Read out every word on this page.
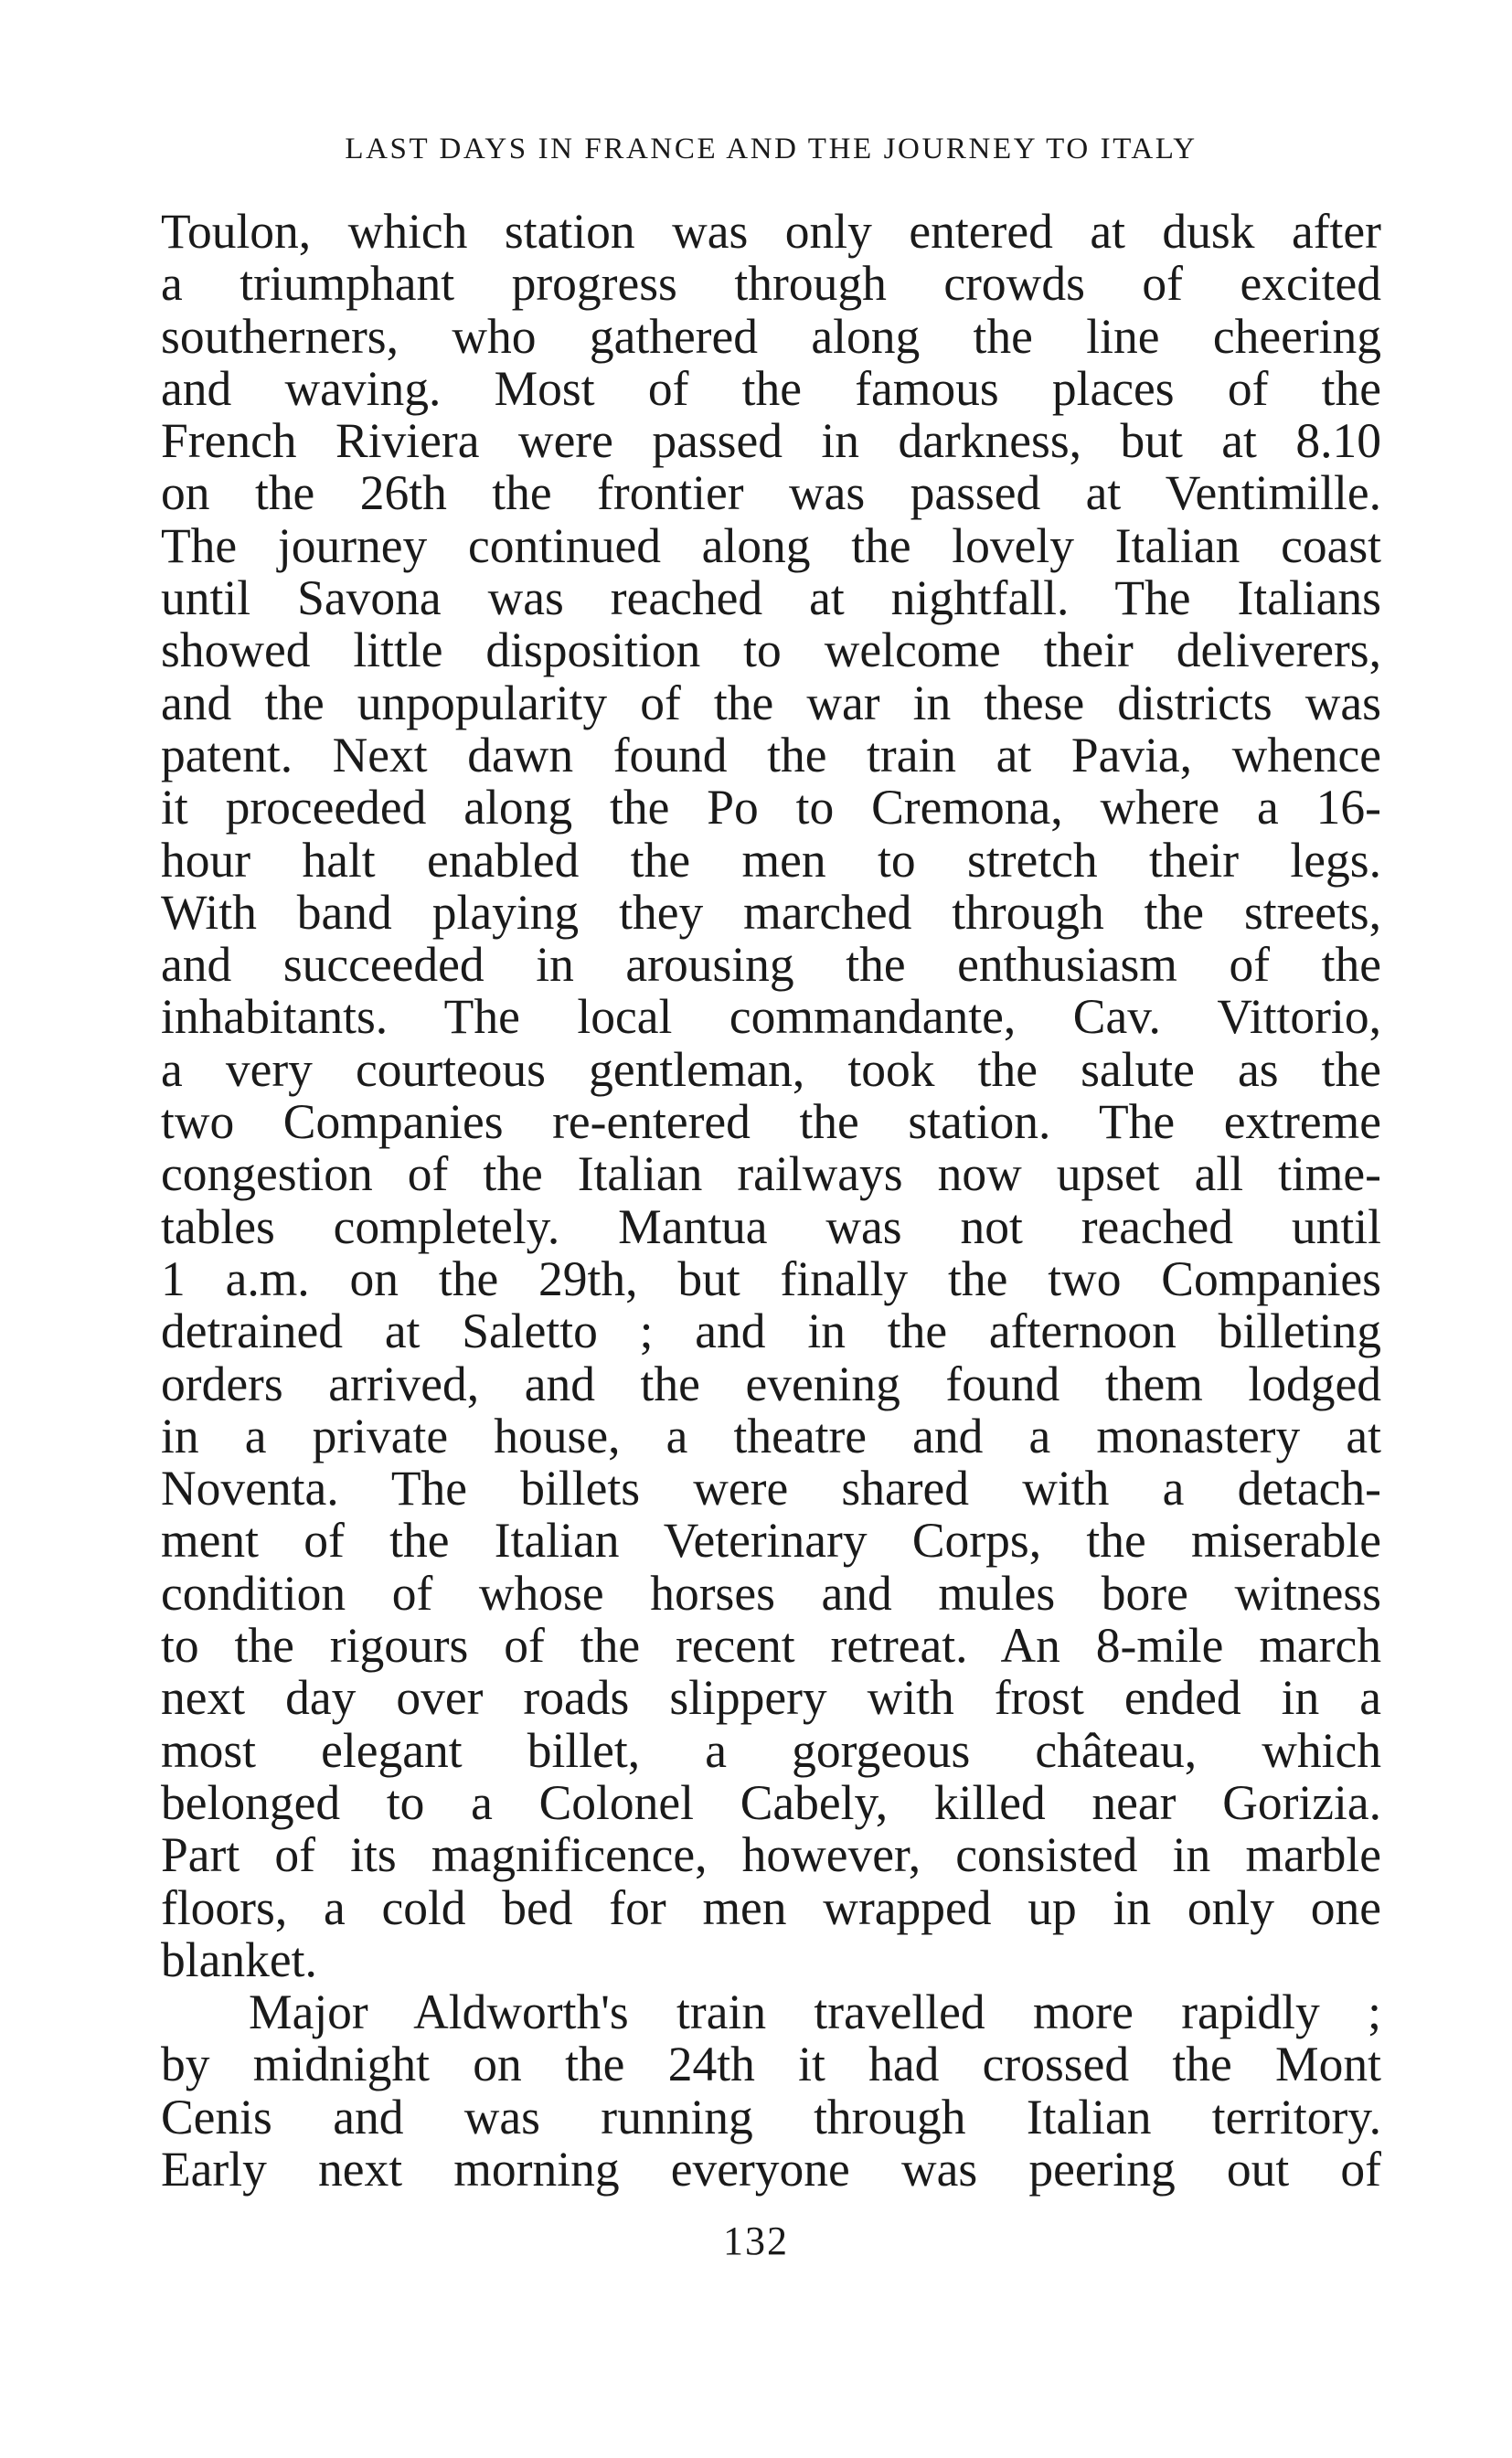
LAST DAYS IN FRANCE AND THE JOURNEY TO ITALY
Toulon, which station was only entered at dusk after
a triumphant progress through crowds of excited
southerners, who gathered along the line cheering
and waving. Most of the famous places of the
French Riviera were passed in darkness, but at 8.10
on the 26th the frontier was passed at Ventimille.
The journey continued along the lovely Italian coast
until Savona was reached at nightfall. The Italians
showed little disposition to welcome their deliverers,
and the unpopularity of the war in these districts was
patent. Next dawn found the train at Pavia, whence
it proceeded along the Po to Cremona, where a 16-
hour halt enabled the men to stretch their legs.
With band playing they marched through the streets,
and succeeded in arousing the enthusiasm of the
inhabitants. The local commandante, Cav. Vittorio,
a very courteous gentleman, took the salute as the
two Companies re-entered the station. The extreme
congestion of the Italian railways now upset all time-
tables completely. Mantua was not reached until
1 a.m. on the 29th, but finally the two Companies
detrained at Saletto ; and in the afternoon billeting
orders arrived, and the evening found them lodged
in a private house, a theatre and a monastery at
Noventa. The billets were shared with a detach-
ment of the Italian Veterinary Corps, the miserable
condition of whose horses and mules bore witness
to the rigours of the recent retreat. An 8-mile march
next day over roads slippery with frost ended in a
most elegant billet, a gorgeous château, which
belonged to a Colonel Cabely, killed near Gorizia.
Part of its magnificence, however, consisted in marble
floors, a cold bed for men wrapped up in only one
blanket.
Major Aldworth's train travelled more rapidly ;
by midnight on the 24th it had crossed the Mont
Cenis and was running through Italian territory.
Early next morning everyone was peering out of
132
